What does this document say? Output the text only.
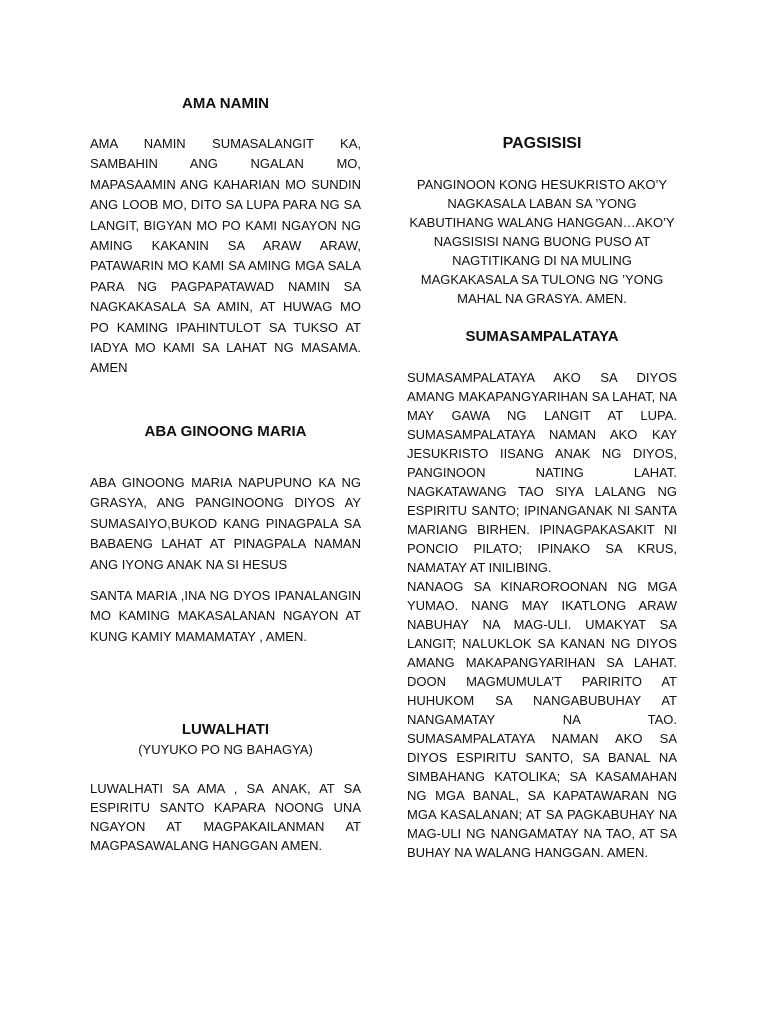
AMA NAMIN

AMA NAMIN SUMASALANGIT KA, SAMBAHIN ANG NGALAN MO, MAPASAAMIN ANG KAHARIAN MO SUNDIN ANG LOOB MO, DITO SA LUPA PARA NG SA LANGIT, BIGYAN MO PO KAMI NGAYON NG AMING KAKANIN SA ARAW ARAW, PATAWARIN MO KAMI SA AMING MGA SALA PARA NG PAGPAPATAWAD NAMIN SA NAGKAKASALA SA AMIN, AT HUWAG MO PO KAMING IPAHINTULOT SA TUKSO AT IADYA MO KAMI SA LAHAT NG MASAMA. AMEN

ABA GINOONG MARIA

ABA GINOONG MARIA NAPUPUNO KA NG GRASYA, ANG PANGINOONG DIYOS AY SUMASAIYO,BUKOD KANG PINAGPALA SA BABAENG LAHAT AT PINAGPALA NAMAN ANG IYONG ANAK NA SI HESUS

SANTA MARIA ,INA NG DYOS IPANALANGIN MO KAMING MAKASALANAN NGAYON AT KUNG KAMIY MAMAMATAY , AMEN.

LUWALHATI

(YUYUKO PO NG BAHAGYA)

LUWALHATI SA AMA , SA ANAK, AT SA ESPIRITU SANTO KAPARA NOONG UNA NGAYON AT MAGPAKAILANMAN AT MAGPASAWALANG HANGGAN AMEN.

PAGSISISI

PANGINOON KONG HESUKRISTO AKO’Y NAGKASALA LABAN SA ’YONG KABUTIHANG WALANG HANGGAN…AKO’Y NAGSISISI NANG BUONG PUSO AT NAGTITIKANG DI NA MULING MAGKAKASALA SA TULONG NG ’YONG MAHAL NA GRASYA. AMEN.

SUMASAMPALATAYA

SUMASAMPALATAYA AKO SA DIYOS AMANG MAKAPANGYARIHAN SA LAHAT, NA MAY GAWA NG LANGIT AT LUPA. SUMASAMPALATAYA NAMAN AKO KAY JESUKRISTO IISANG ANAK NG DIYOS, PANGINOON NATING LAHAT. NAGKATAWANG TAO SIYA LALANG NG ESPIRITU SANTO; IPINANGANAK NI SANTA MARIANG BIRHEN. IPINAGPAKASAKIT NI PONCIO PILATO; IPINAKO SA KRUS, NAMATAY AT INILIBING.

NANAOG SA KINAROROONAN NG MGA YUMAO. NANG MAY IKATLONG ARAW NABUHAY NA MAG-ULI. UMAKYAT SA LANGIT; NALUKLOK SA KANAN NG DIYOS AMANG MAKAPANGYARIHAN SA LAHAT. DOON MAGMUMULA’T PARIRITO AT HUHUKOM SA NANGABUBUHAY AT NANGAMATAY NA TAO. SUMASAMPALATAYA NAMAN AKO SA DIYOS ESPIRITU SANTO, SA BANAL NA SIMBAHANG KATOLIKA; SA KASAMAHAN NG MGA BANAL, SA KAPATAWARAN NG MGA KASALANAN; AT SA PAGKABUHAY NA MAG-ULI NG NANGAMATAY NA TAO, AT SA BUHAY NA WALANG HANGGAN. AMEN.
